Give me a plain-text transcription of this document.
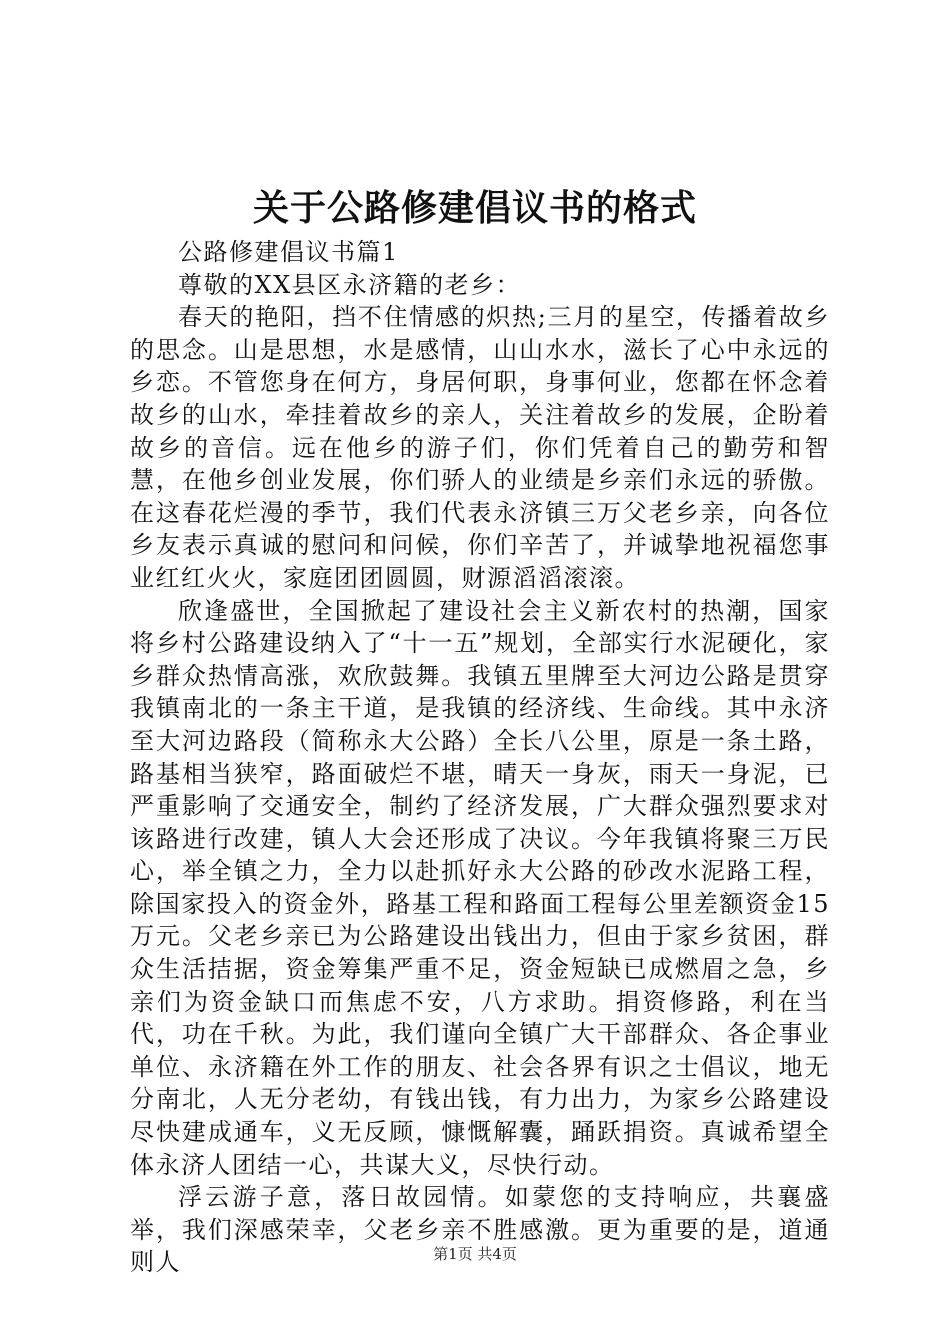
关于公路修建倡议书的格式

公路修建倡议书篇1

尊敬的XX县区永济籍的老乡：

春天的艳阳，挡不住情感的炽热;三月的星空，传播着故乡的思念。山是思想，水是感情，山山水水，滋长了心中永远的乡恋。不管您身在何方，身居何职，身事何业，您都在怀念着故乡的山水，牵挂着故乡的亲人，关注着故乡的发展，企盼着故乡的音信。远在他乡的游子们，你们凭着自己的勤劳和智慧，在他乡创业发展，你们骄人的业绩是乡亲们永远的骄傲。在这春花烂漫的季节，我们代表永济镇三万父老乡亲，向各位乡友表示真诚的慰问和问候，你们辛苦了，并诚挚地祝福您事业红红火火，家庭团团圆圆，财源滔滔滚滚。

欣逢盛世，全国掀起了建设社会主义新农村的热潮，国家将乡村公路建设纳入了“十一五”规划，全部实行水泥硬化，家乡群众热情高涨，欢欣鼓舞。我镇五里牌至大河边公路是贯穿我镇南北的一条主干道，是我镇的经济线、生命线。其中永济至大河边路段（简称永大公路）全长八公里，原是一条土路，路基相当狭窄，路面破烂不堪，晴天一身灰，雨天一身泥，已严重影响了交通安全，制约了经济发展，广大群众强烈要求对该路进行改建，镇人大会还形成了决议。今年我镇将聚三万民心，举全镇之力，全力以赴抓好永大公路的砂改水泥路工程，除国家投入的资金外，路基工程和路面工程每公里差额资金15万元。父老乡亲已为公路建设出钱出力，但由于家乡贫困，群众生活拮据，资金筹集严重不足，资金短缺已成燃眉之急，乡亲们为资金缺口而焦虑不安，八方求助。捐资修路，利在当代，功在千秋。为此，我们谨向全镇广大干部群众、各企事业单位、永济籍在外工作的朋友、社会各界有识之士倡议，地无分南北，人无分老幼，有钱出钱，有力出力，为家乡公路建设尽快建成通车，义无反顾，慷慨解囊，踊跃捐资。真诚希望全体永济人团结一心，共谋大义，尽快行动。

浮云游子意，落日故园情。如蒙您的支持响应，共襄盛举，我们深感荣幸，父老乡亲不胜感激。更为重要的是，道通则人	第1页 共4页
